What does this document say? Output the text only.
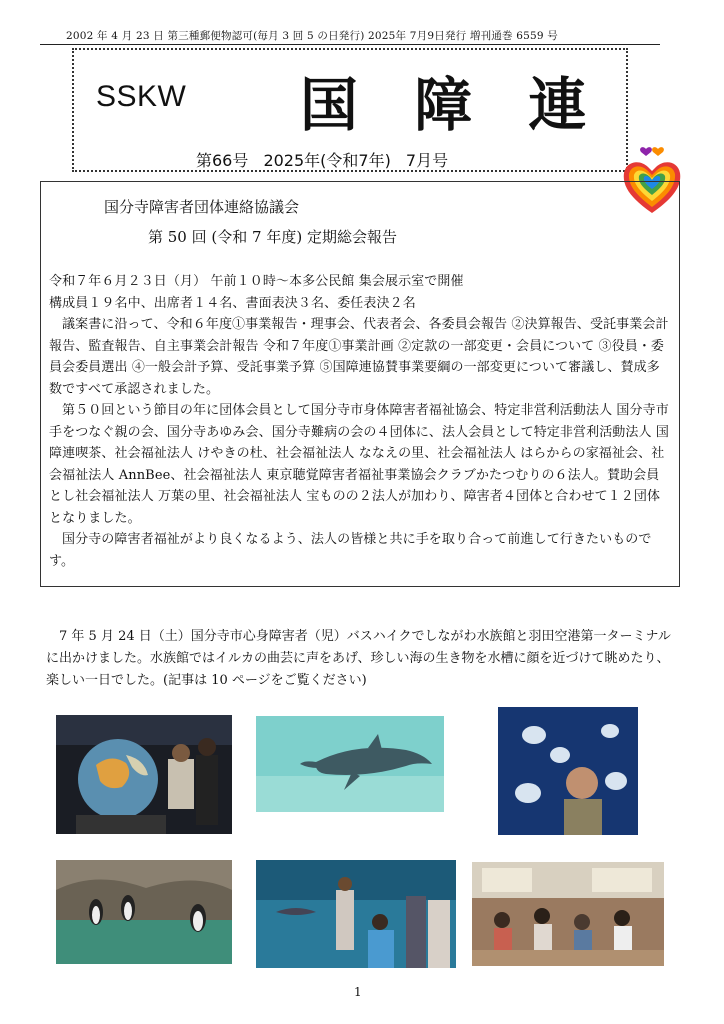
2002 年 4 月 23 日 第三種郵便物認可(毎月 3 回 5 の日発行) 2025年 7月9日発行 増刊通巻 6559 号
SSKW 国 障 連
第66号 2025年(令和7年) 7月号
国分寺障害者団体連絡協議会
第 50 回 (令和 7 年度) 定期総会報告

令和７年６月２３日（月） 午前１０時～本多公民館 集会展示室で開催

構成員１９名中、出席者１４名、書面表決３名、委任表決２名

議案書に沿って、令和６年度①事業報告・理事会、代表者会、各委員会報告 ②決算報告、受託事業会計報告、監査報告、自主事業会計報告 令和７年度①事業計画 ②定款の一部変更・会員について ③役員・委員会委員選出 ④一般会計予算、受託事業予算 ⑤国障連協賛事業要綱の一部変更について審議し、賛成多数ですべて承認されました。

第５０回という節目の年に団体会員として国分寺市身体障害者福祉協会、特定非営利活動法人 国分寺市手をつなぐ親の会、国分寺あゆみ会、国分寺難病の会の４団体に、法人会員として特定非営利活動法人 国障連喫茶、社会福祉法人 けやきの杜、社会福祉法人 ななえの里、社会福祉法人 はらからの家福祉会、社会福祉法人 AnnBee、社会福祉法人 東京聴覚障害者福祉事業協会クラブかたつむりの６法人。賛助会員とし社会福祉法人 万葉の里、社会福祉法人 宝ものの２法人が加わり、障害者４団体と合わせて１２団体となりました。

国分寺の障害者福祉がより良くなるよう、法人の皆様と共に手を取り合って前進して行きたいものです。

7 年 5 月 24 日（土）国分寺市心身障害者（児）バスハイクでしながわ水族館と羽田空港第一ターミナルに出かけました。水族館ではイルカの曲芸に声をあげ、珍しい海の生き物を水槽に顔を近づけて眺めたり、楽しい一日でした。(記事は 10 ページをご覧ください)
1
